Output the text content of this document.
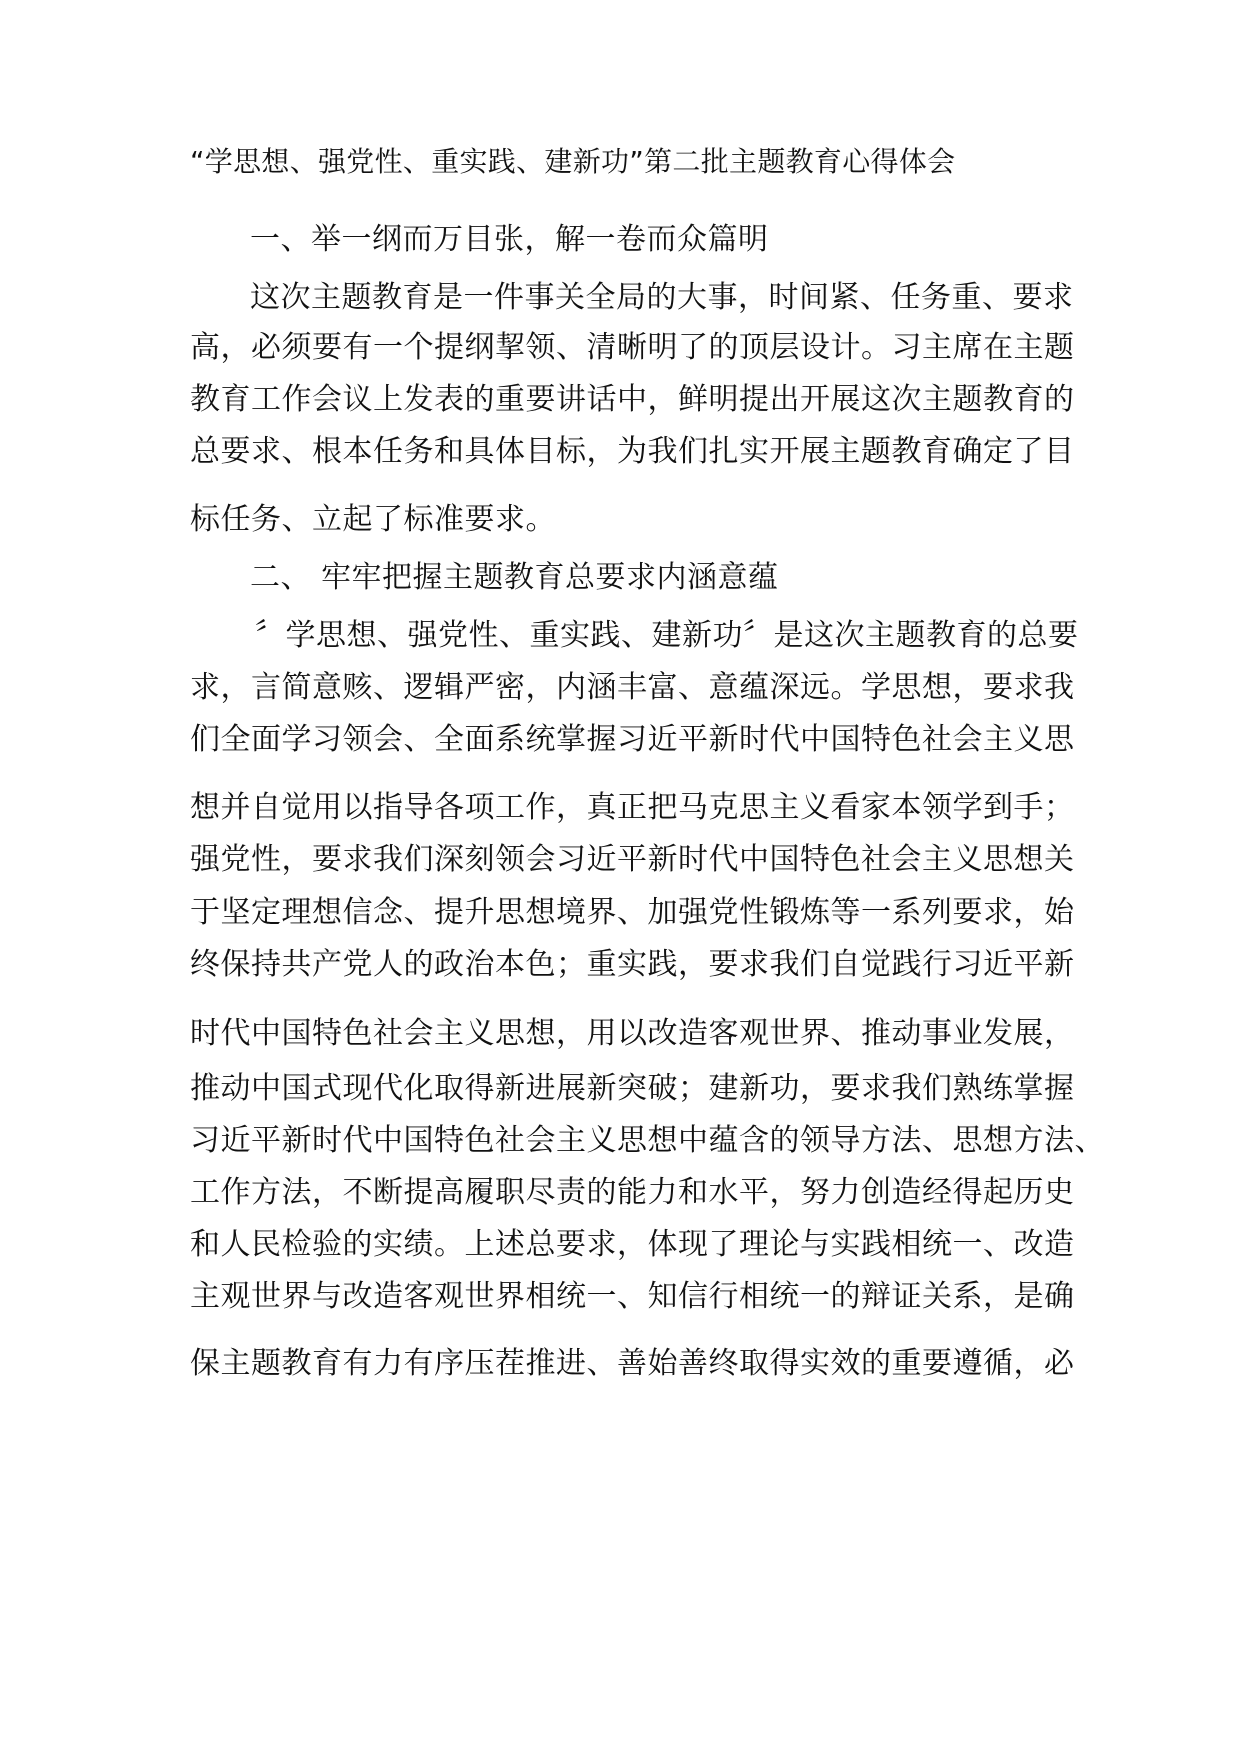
“学思想、强党性、重实践、建新功”第二批主题教育心得体会
一、举一纲而万目张，解一卷而众篇明
这次主题教育是一件事关全局的大事，时间紧、任务重、要求
高，必须要有一个提纲挈领、清晰明了的顶层设计。习主席在主题
教育工作会议上发表的重要讲话中，鲜明提出开展这次主题教育的
总要求、根本任务和具体目标，为我们扎实开展主题教育确定了目
标任务、立起了标准要求。
二、 牢牢把握主题教育总要求内涵意蕴
〞学思想、强党性、重实践、建新功〞是这次主题教育的总要
求，言简意赅、逻辑严密，内涵丰富、意蕴深远。学思想，要求我
们全面学习领会、全面系统掌握习近平新时代中国特色社会主义思
想并自觉用以指导各项工作，真正把马克思主义看家本领学到手；
强党性，要求我们深刻领会习近平新时代中国特色社会主义思想关
于坚定理想信念、提升思想境界、加强党性锻炼等一系列要求，始
终保持共产党人的政治本色；重实践，要求我们自觉践行习近平新
时代中国特色社会主义思想，用以改造客观世界、推动事业发展，
推动中国式现代化取得新进展新突破；建新功，要求我们熟练掌握
习近平新时代中国特色社会主义思想中蕴含的领导方法、思想方法、
工作方法，不断提高履职尽责的能力和水平，努力创造经得起历史
和人民检验的实绩。上述总要求，体现了理论与实践相统一、改造
主观世界与改造客观世界相统一、知信行相统一的辩证关系，是确
保主题教育有力有序压茬推进、善始善终取得实效的重要遵循，必
